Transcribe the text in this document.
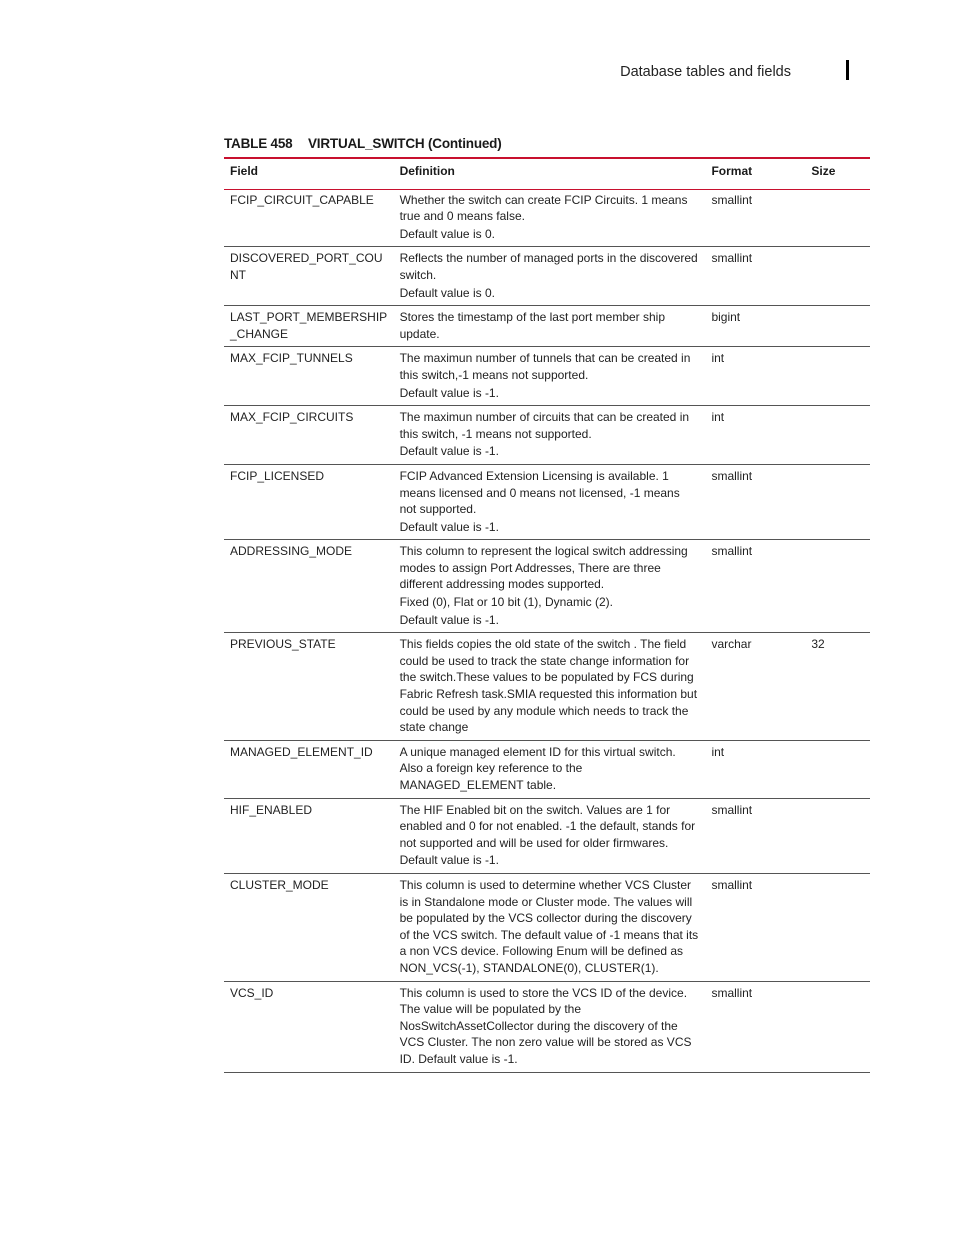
Database tables and fields
TABLE 458 VIRTUAL_SWITCH (Continued)
Field	Definition	Format	Size
FCIP_CIRCUIT_CAPABLE	Whether the switch can create FCIP Circuits. 1 means true and 0 means false.
Default value is 0.	smallint	
DISCOVERED_PORT_COUNT	Reflects the number of managed ports in the discovered switch.
Default value is 0.	smallint	
LAST_PORT_MEMBERSHIP_CHANGE	Stores the timestamp of the last port member ship update.	bigint	
MAX_FCIP_TUNNELS	The maximun number of tunnels that can be created in this switch,-1 means not supported.
Default value is -1.	int	
MAX_FCIP_CIRCUITS	The maximun number of circuits that can be created in this switch, -1 means not supported.
Default value is -1.	int	
FCIP_LICENSED	FCIP Advanced Extension Licensing is available. 1 means licensed and 0 means not licensed, -1 means not supported.
Default value is -1.	smallint	
ADDRESSING_MODE	This column to represent the logical switch addressing modes to assign Port Addresses, There are three different addressing modes supported.
Fixed (0), Flat or 10 bit (1), Dynamic (2).
Default value is -1.	smallint	
PREVIOUS_STATE	This fields copies the old state of the switch . The field could be used to track the state change information for the switch.These values to be populated by FCS during Fabric Refresh task.SMIA requested this information but could be used by any module which needs to track the state change	varchar	32
MANAGED_ELEMENT_ID	A unique managed element ID for this virtual switch. Also a foreign key reference to the MANAGED_ELEMENT table.	int	
HIF_ENABLED	The HIF Enabled bit on the switch. Values are 1 for enabled and 0 for not enabled. -1 the default, stands for not supported and will be used for older firmwares.
Default value is -1.	smallint	
CLUSTER_MODE	This column is used to determine whether VCS Cluster is in Standalone mode or Cluster mode. The values will be populated by the VCS collector during the discovery of the VCS switch. The default value of -1 means that its a non VCS device. Following Enum will be defined as NON_VCS(-1), STANDALONE(0), CLUSTER(1).	smallint	
VCS_ID	This column is used to store the VCS ID of the device. The value will be populated by the NosSwitchAssetCollector during the discovery of the VCS Cluster. The non zero value will be stored as VCS ID. Default value is -1.	smallint	
